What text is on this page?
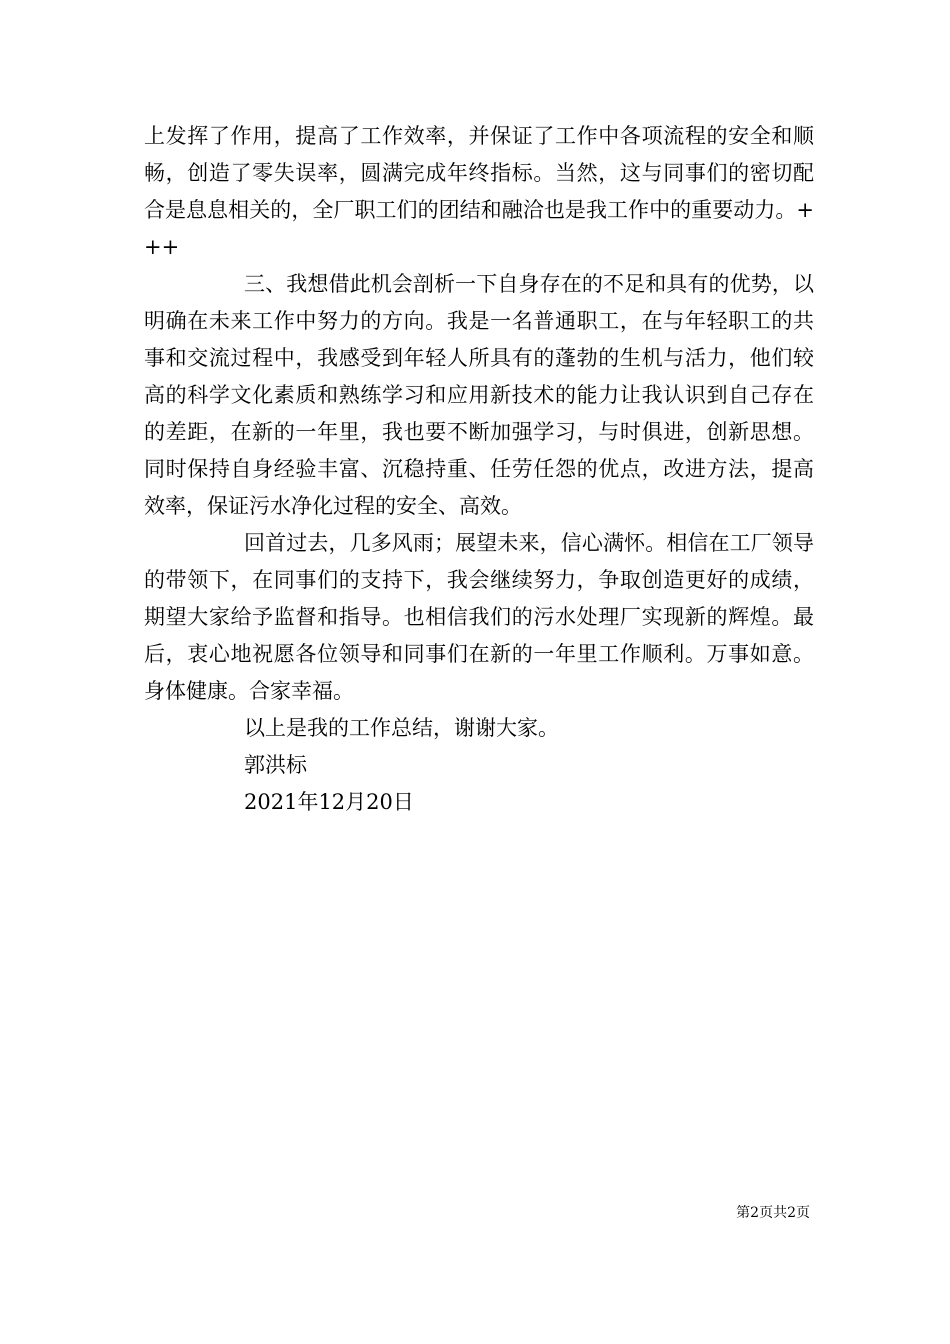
上发挥了作用，提高了工作效率，并保证了工作中各项流程的安全和顺畅，创造了零失误率，圆满完成年终指标。当然，这与同事们的密切配合是息息相关的，全厂职工们的团结和融洽也是我工作中的重要动力。+++

三、我想借此机会剖析一下自身存在的不足和具有的优势，以明确在未来工作中努力的方向。我是一名普通职工，在与年轻职工的共事和交流过程中，我感受到年轻人所具有的蓬勃的生机与活力，他们较高的科学文化素质和熟练学习和应用新技术的能力让我认识到自己存在的差距，在新的一年里，我也要不断加强学习，与时俱进，创新思想。同时保持自身经验丰富、沉稳持重、任劳任怨的优点，改进方法，提高效率，保证污水净化过程的安全、高效。

回首过去，几多风雨；展望未来，信心满怀。相信在工厂领导的带领下，在同事们的支持下，我会继续努力，争取创造更好的成绩，期望大家给予监督和指导。也相信我们的污水处理厂实现新的辉煌。最后，衷心地祝愿各位领导和同事们在新的一年里工作顺利。万事如意。身体健康。合家幸福。

以上是我的工作总结，谢谢大家。

郭洪标

2021年12月20日

第2页共2页
